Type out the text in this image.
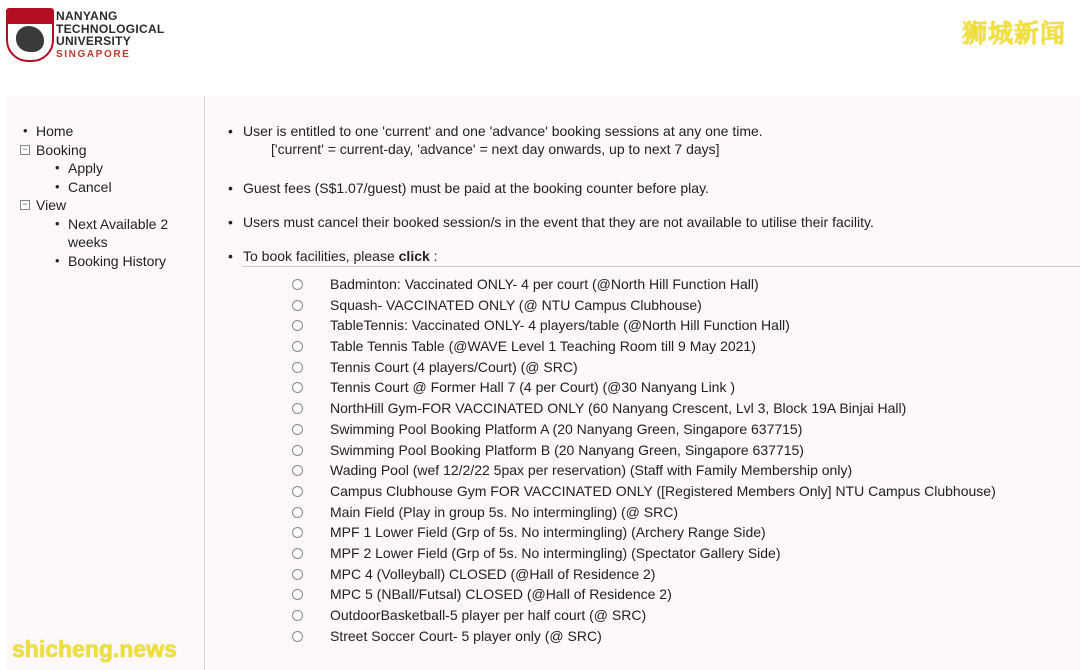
NANYANG
TECHNOLOGICAL
UNIVERSITY
SINGAPORE
狮城新闻
• Home
− Booking
• Apply
• Cancel
− View
• Next Available 2 weeks
• Booking History
• User is entitled to one 'current' and one 'advance' booking sessions at any one time.
['current' = current-day, 'advance' = next day onwards, up to next 7 days]
• Guest fees (S$1.07/guest) must be paid at the booking counter before play.
• Users must cancel their booked session/s in the event that they are not available to utilise their facility.
• To book facilities, please click :
Badminton: Vaccinated ONLY- 4 per court (@North Hill Function Hall)
Squash- VACCINATED ONLY (@ NTU Campus Clubhouse)
TableTennis: Vaccinated ONLY- 4 players/table (@North Hill Function Hall)
Table Tennis Table (@WAVE Level 1 Teaching Room till 9 May 2021)
Tennis Court (4 players/Court) (@ SRC)
Tennis Court @ Former Hall 7 (4 per Court) (@30 Nanyang Link )
NorthHill Gym-FOR VACCINATED ONLY (60 Nanyang Crescent, Lvl 3, Block 19A Binjai Hall)
Swimming Pool Booking Platform A (20 Nanyang Green, Singapore 637715)
Swimming Pool Booking Platform B (20 Nanyang Green, Singapore 637715)
Wading Pool (wef 12/2/22 5pax per reservation) (Staff with Family Membership only)
Campus Clubhouse Gym FOR VACCINATED ONLY ([Registered Members Only] NTU Campus Clubhouse)
Main Field (Play in group 5s. No intermingling) (@ SRC)
MPF 1 Lower Field (Grp of 5s. No intermingling) (Archery Range Side)
MPF 2 Lower Field (Grp of 5s. No intermingling) (Spectator Gallery Side)
MPC 4 (Volleyball) CLOSED (@Hall of Residence 2)
MPC 5 (NBall/Futsal) CLOSED (@Hall of Residence 2)
OutdoorBasketball-5 player per half court (@ SRC)
Street Soccer Court- 5 player only (@ SRC)
shicheng.news
